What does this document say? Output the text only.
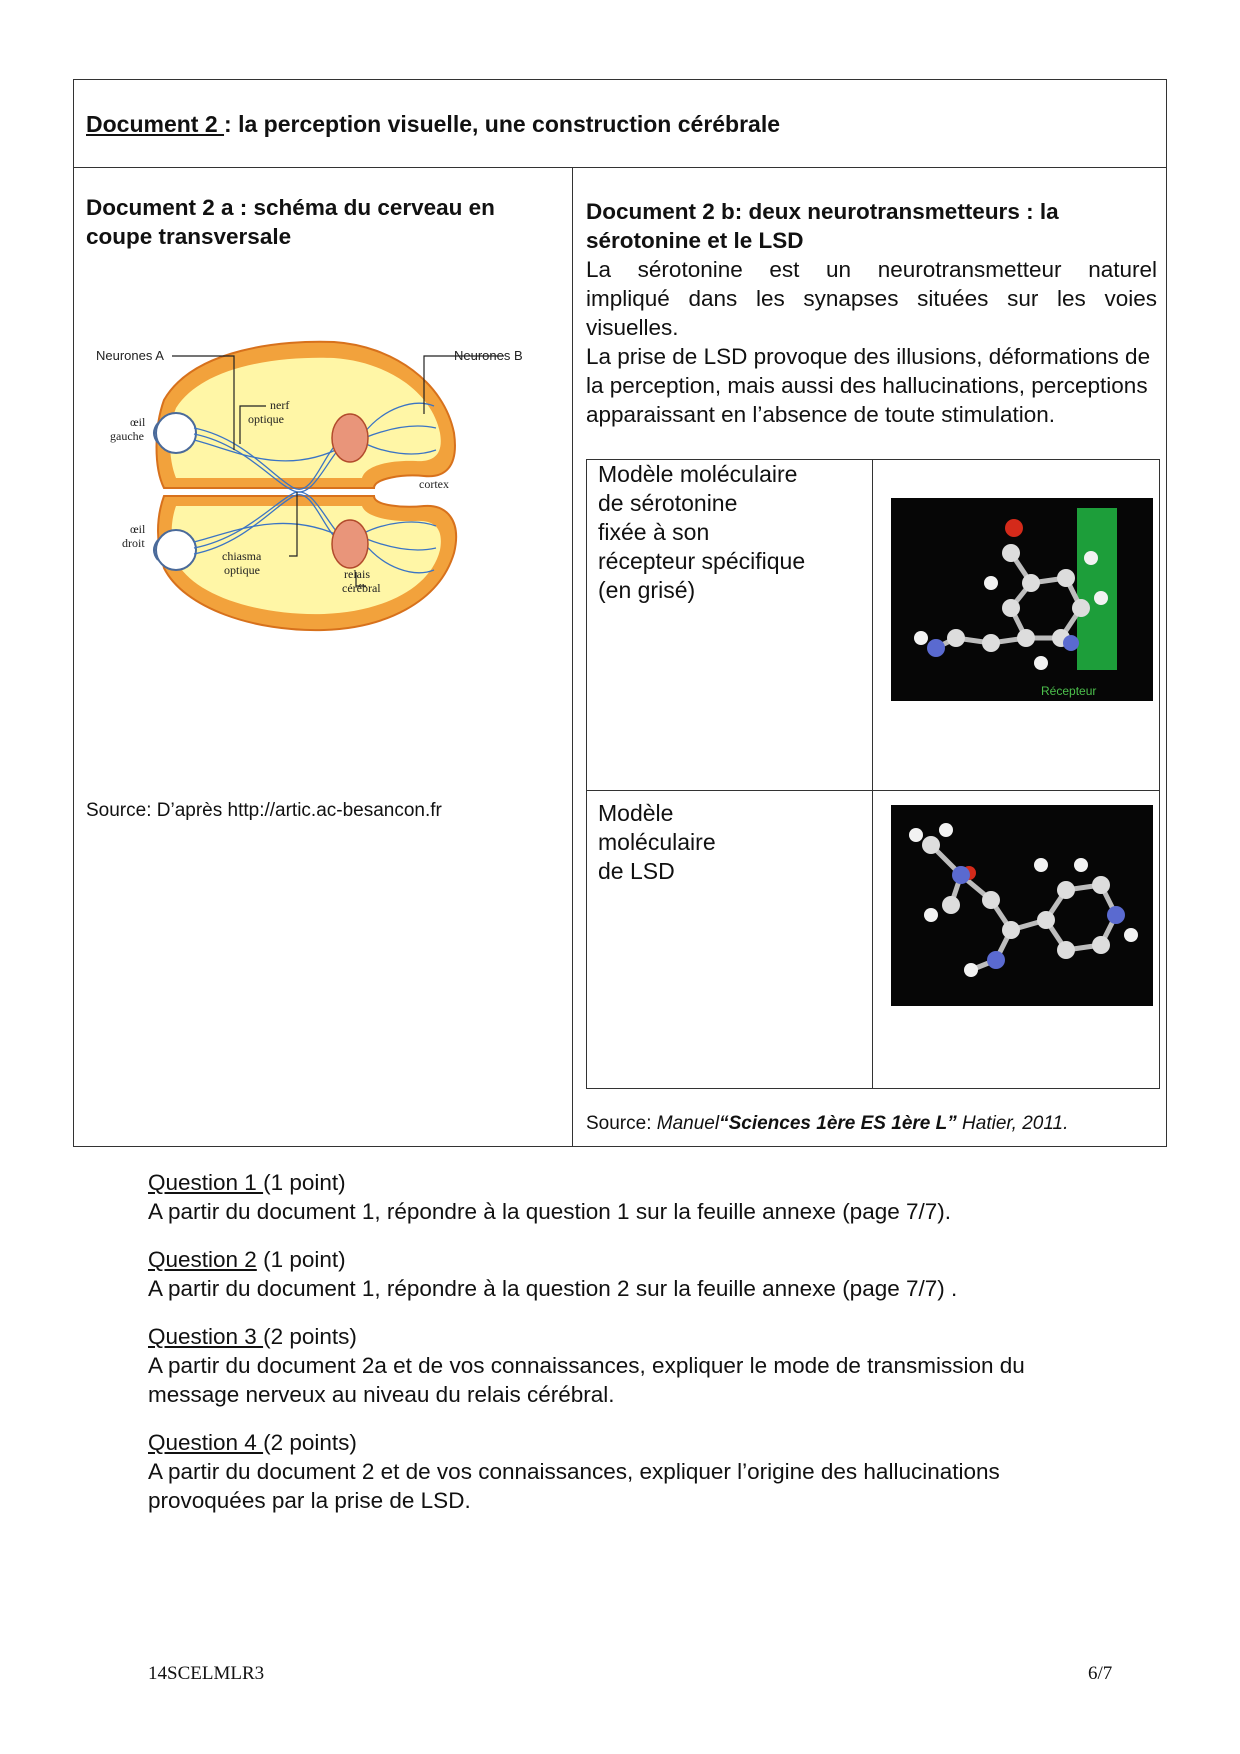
Document 2 : la perception visuelle, une construction cérébrale
Document 2 a : schéma du cerveau en coupe transversale
Neurones A	Neurones B
nerf
optique
œil
gauche
œil
droit
cortex
chiasma
optique	relais
cérébral
Source: D’après http://artic.ac-besancon.fr
Document 2 b: deux neurotransmetteurs : la sérotonine et le LSD
La sérotonine est un neurotransmetteur naturel
impliqué dans les synapses situées sur les voies
visuelles.
La prise de LSD provoque des illusions, déformations de la perception, mais aussi des hallucinations, perceptions apparaissant en l’absence de toute stimulation.
Modèle moléculaire
de sérotonine
fixée à son
récepteur spécifique
(en grisé)
Récepteur
Modèle
moléculaire
de LSD
Source: Manuel“Sciences 1ère ES 1ère L” Hatier, 2011.
Question 1 (1 point)
A partir du document 1, répondre à la question 1 sur la feuille annexe (page 7/7).
Question 2 (1 point)
A partir du document 1, répondre à la question 2 sur la feuille annexe (page 7/7) .
Question 3 (2 points)
A partir du document 2a et de vos connaissances, expliquer le mode de transmission du message nerveux au niveau du relais cérébral.
Question 4 (2 points)
A partir du document 2 et de vos connaissances, expliquer l’origine des hallucinations provoquées par la prise de LSD.
14SCELMLR3	6/7
